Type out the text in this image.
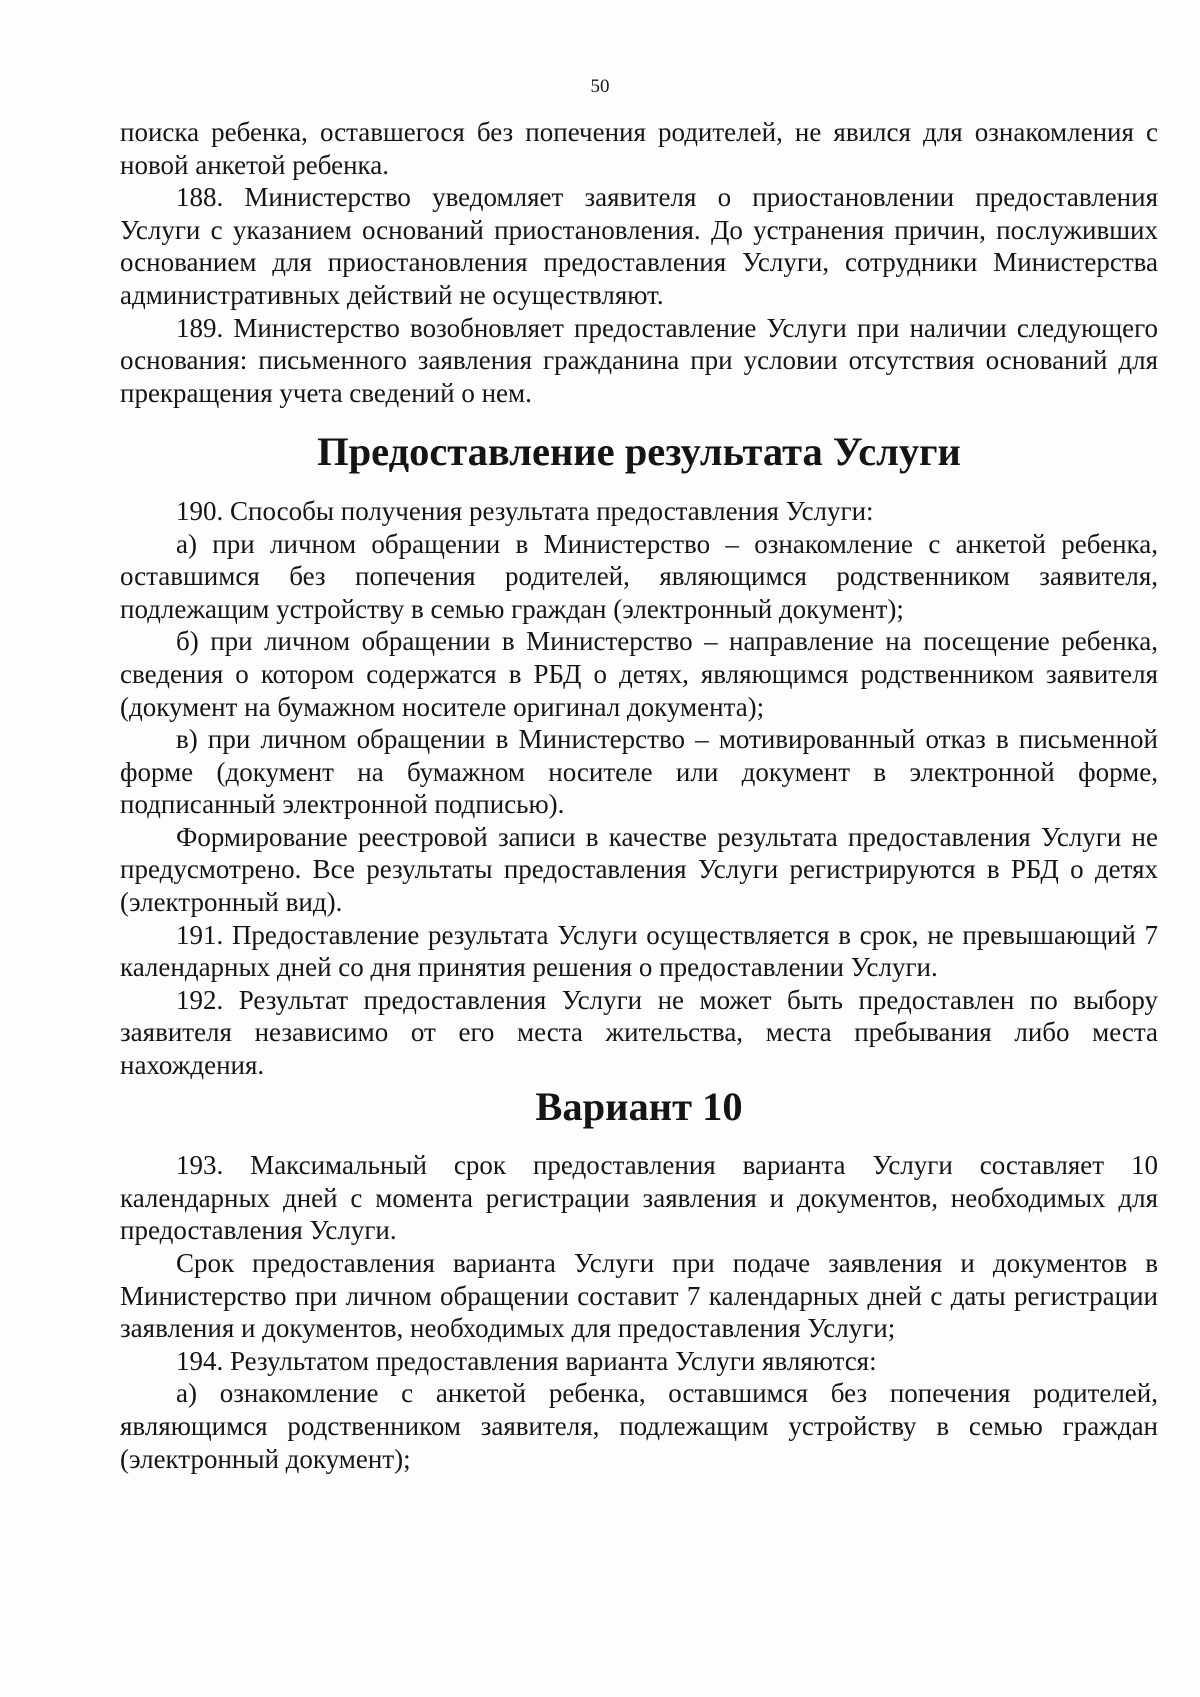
50

поиска ребенка, оставшегося без попечения родителей, не явился для ознакомления с новой анкетой ребенка.

188. Министерство уведомляет заявителя о приостановлении предоставления Услуги с указанием оснований приостановления. До устранения причин, послуживших основанием для приостановления предоставления Услуги, сотрудники Министерства административных действий не осуществляют.

189. Министерство возобновляет предоставление Услуги при наличии следующего основания: письменного заявления гражданина при условии отсутствия оснований для прекращения учета сведений о нем.

Предоставление результата Услуги

190. Способы получения результата предоставления Услуги:

а) при личном обращении в Министерство – ознакомление с анкетой ребенка, оставшимся без попечения родителей, являющимся родственником заявителя, подлежащим устройству в семью граждан (электронный документ);

б) при личном обращении в Министерство – направление на посещение ребенка, сведения о котором содержатся в РБД о детях, являющимся родственником заявителя (документ на бумажном носителе оригинал документа);

в) при личном обращении в Министерство – мотивированный отказ в письменной форме (документ на бумажном носителе или документ в электронной форме, подписанный электронной подписью).

Формирование реестровой записи в качестве результата предоставления Услуги не предусмотрено. Все результаты предоставления Услуги регистрируются в РБД о детях (электронный вид).

191. Предоставление результата Услуги осуществляется в срок, не превышающий 7 календарных дней со дня принятия решения о предоставлении Услуги.

192. Результат предоставления Услуги не может быть предоставлен по выбору заявителя независимо от его места жительства, места пребывания либо места нахождения.

Вариант 10

193. Максимальный срок предоставления варианта Услуги составляет 10 календарных дней с момента регистрации заявления и документов, необходимых для предоставления Услуги.

Срок предоставления варианта Услуги при подаче заявления и документов в Министерство при личном обращении составит 7 календарных дней с даты регистрации заявления и документов, необходимых для предоставления Услуги;

194. Результатом предоставления варианта Услуги являются:

а) ознакомление с анкетой ребенка, оставшимся без попечения родителей, являющимся родственником заявителя, подлежащим устройству в семью граждан (электронный документ);
